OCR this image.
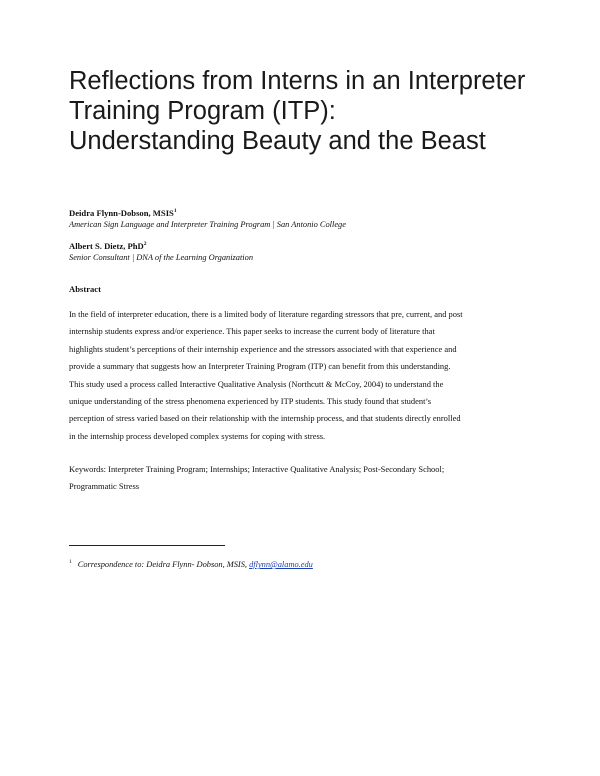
Reflections from Interns in an Interpreter
Training Program (ITP):
Understanding Beauty and the Beast
Deidra Flynn-Dobson, MSIS$^1$
American Sign Language and Interpreter Training Program | San Antonio College
Albert S. Dietz, PhD$^2$
Senior Consultant | DNA of the Learning Organization
Abstract

In the field of interpreter education, there is a limited body of literature regarding stressors that pre, current, and post
internship students express and/or experience. This paper seeks to increase the current body of literature that
highlights student’s perceptions of their internship experience and the stressors associated with that experience and
provide a summary that suggests how an Interpreter Training Program (ITP) can benefit from this understanding.
This study used a process called Interactive Qualitative Analysis (Northcutt & McCoy, 2004) to understand the
unique understanding of the stress phenomena experienced by ITP students. This study found that student’s
perception of stress varied based on their relationship with the internship process, and that students directly enrolled
in the internship process developed complex systems for coping with stress.

Keywords: Interpreter Training Program; Internships; Interactive Qualitative Analysis; Post-Secondary School;
Programmatic Stress

$^1$ Correspondence to: Deidra Flynn- Dobson, MSIS, dflynn@alamo.edu
